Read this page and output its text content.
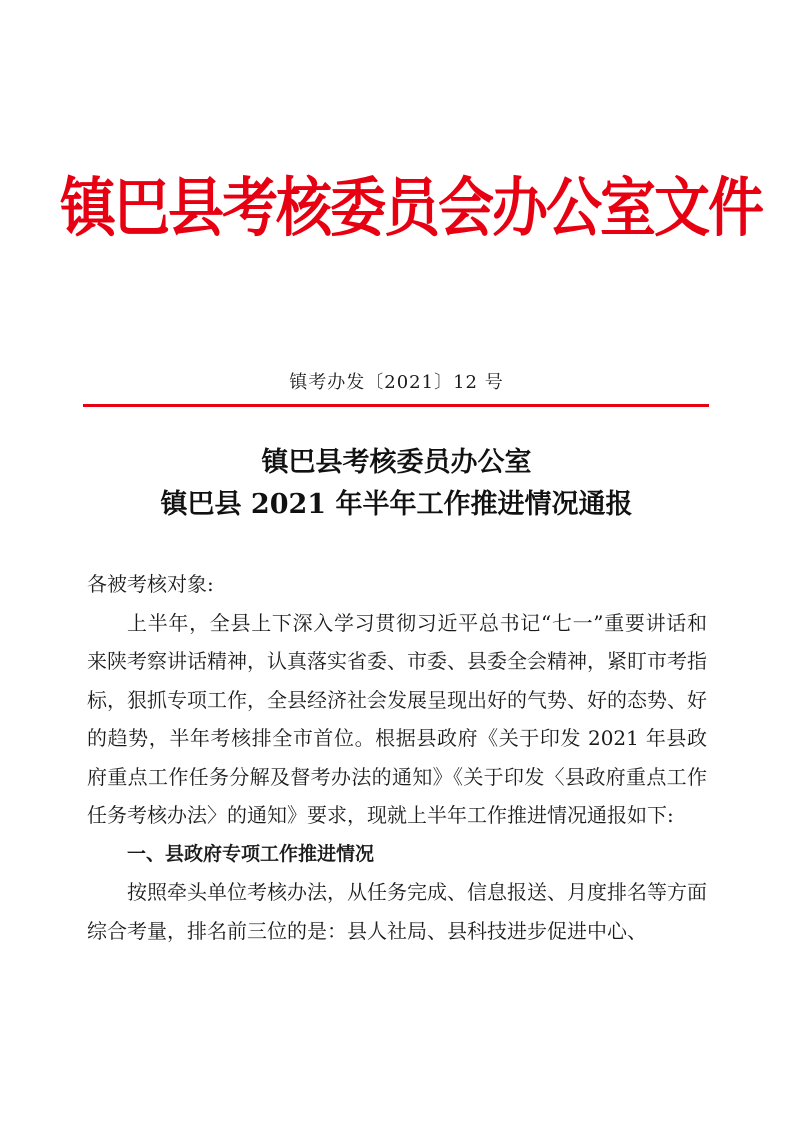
镇巴县考核委员会办公室文件
镇考办发〔2021〕12 号
镇巴县考核委员办公室
镇巴县 2021 年半年工作推进情况通报

各被考核对象:

上半年，全县上下深入学习贯彻习近平总书记“七一”重要讲话和来陕考察讲话精神，认真落实省委、市委、县委全会精神，紧盯市考指标，狠抓专项工作，全县经济社会发展呈现出好的气势、好的态势、好的趋势，半年考核排全市首位。根据县政府《关于印发 2021 年县政府重点工作任务分解及督考办法的通知》《关于印发〈县政府重点工作任务考核办法〉的通知》要求，现就上半年工作推进情况通报如下:

一、县政府专项工作推进情况

按照牵头单位考核办法，从任务完成、信息报送、月度排名等方面综合考量，排名前三位的是：县人社局、县科技进步促进中心、
